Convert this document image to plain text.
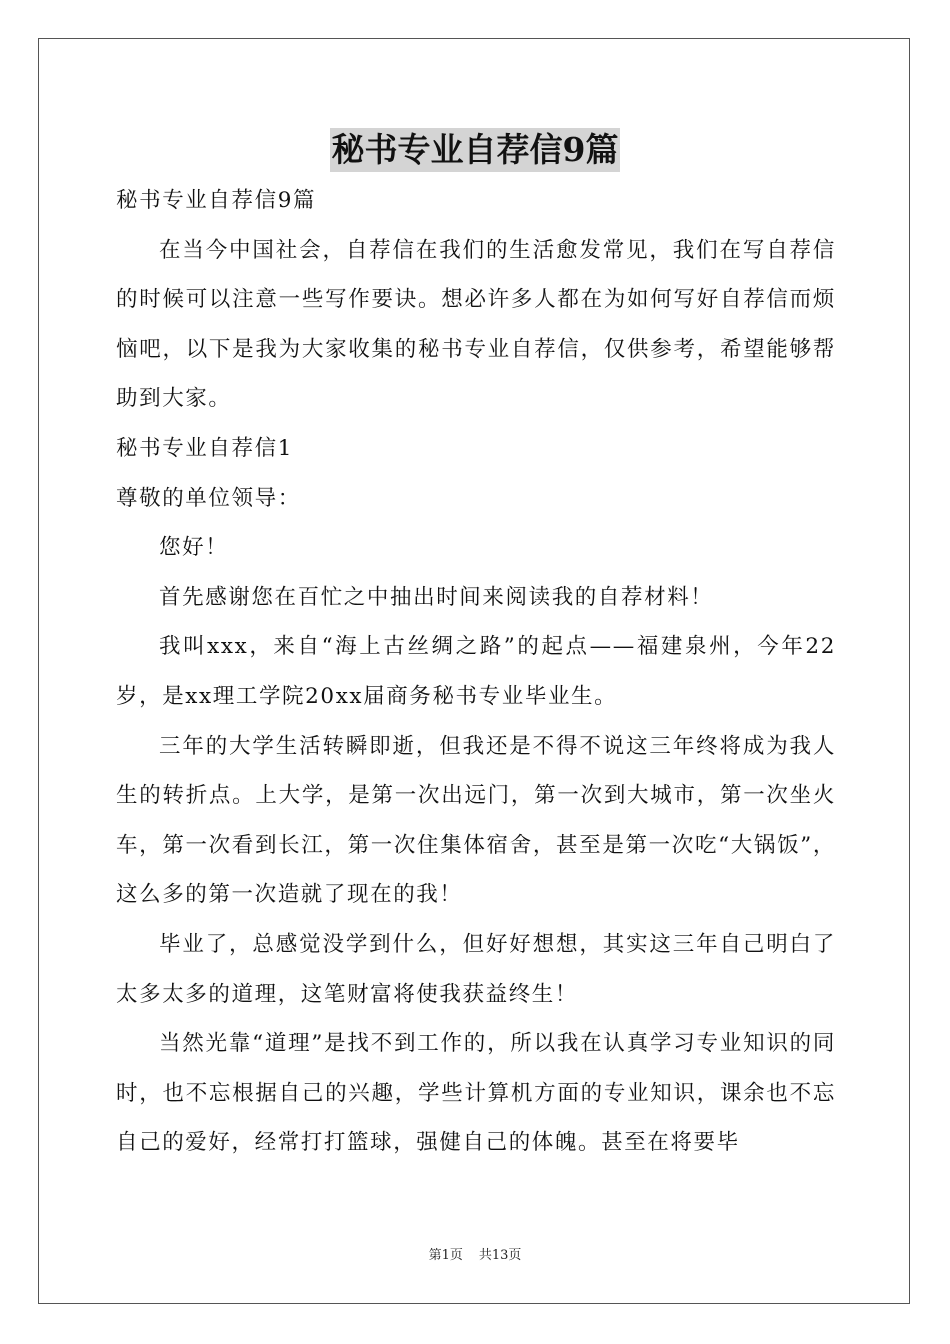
秘书专业自荐信9篇

秘书专业自荐信9篇

在当今中国社会，自荐信在我们的生活愈发常见，我们在写自荐信的时候可以注意一些写作要诀。想必许多人都在为如何写好自荐信而烦恼吧，以下是我为大家收集的秘书专业自荐信，仅供参考，希望能够帮助到大家。

秘书专业自荐信1

尊敬的单位领导：

您好！

首先感谢您在百忙之中抽出时间来阅读我的自荐材料！

我叫xxx，来自“海上古丝绸之路”的起点——福建泉州，今年22岁，是xx理工学院20xx届商务秘书专业毕业生。

三年的大学生活转瞬即逝，但我还是不得不说这三年终将成为我人生的转折点。上大学，是第一次出远门，第一次到大城市，第一次坐火车，第一次看到长江，第一次住集体宿舍，甚至是第一次吃“大锅饭”，这么多的第一次造就了现在的我！

毕业了，总感觉没学到什么，但好好想想，其实这三年自己明白了太多太多的道理，这笔财富将使我获益终生！

当然光靠“道理”是找不到工作的，所以我在认真学习专业知识的同时，也不忘根据自己的兴趣，学些计算机方面的专业知识，课余也不忘自己的爱好，经常打打篮球，强健自己的体魄。甚至在将要毕

第1页 共13页
